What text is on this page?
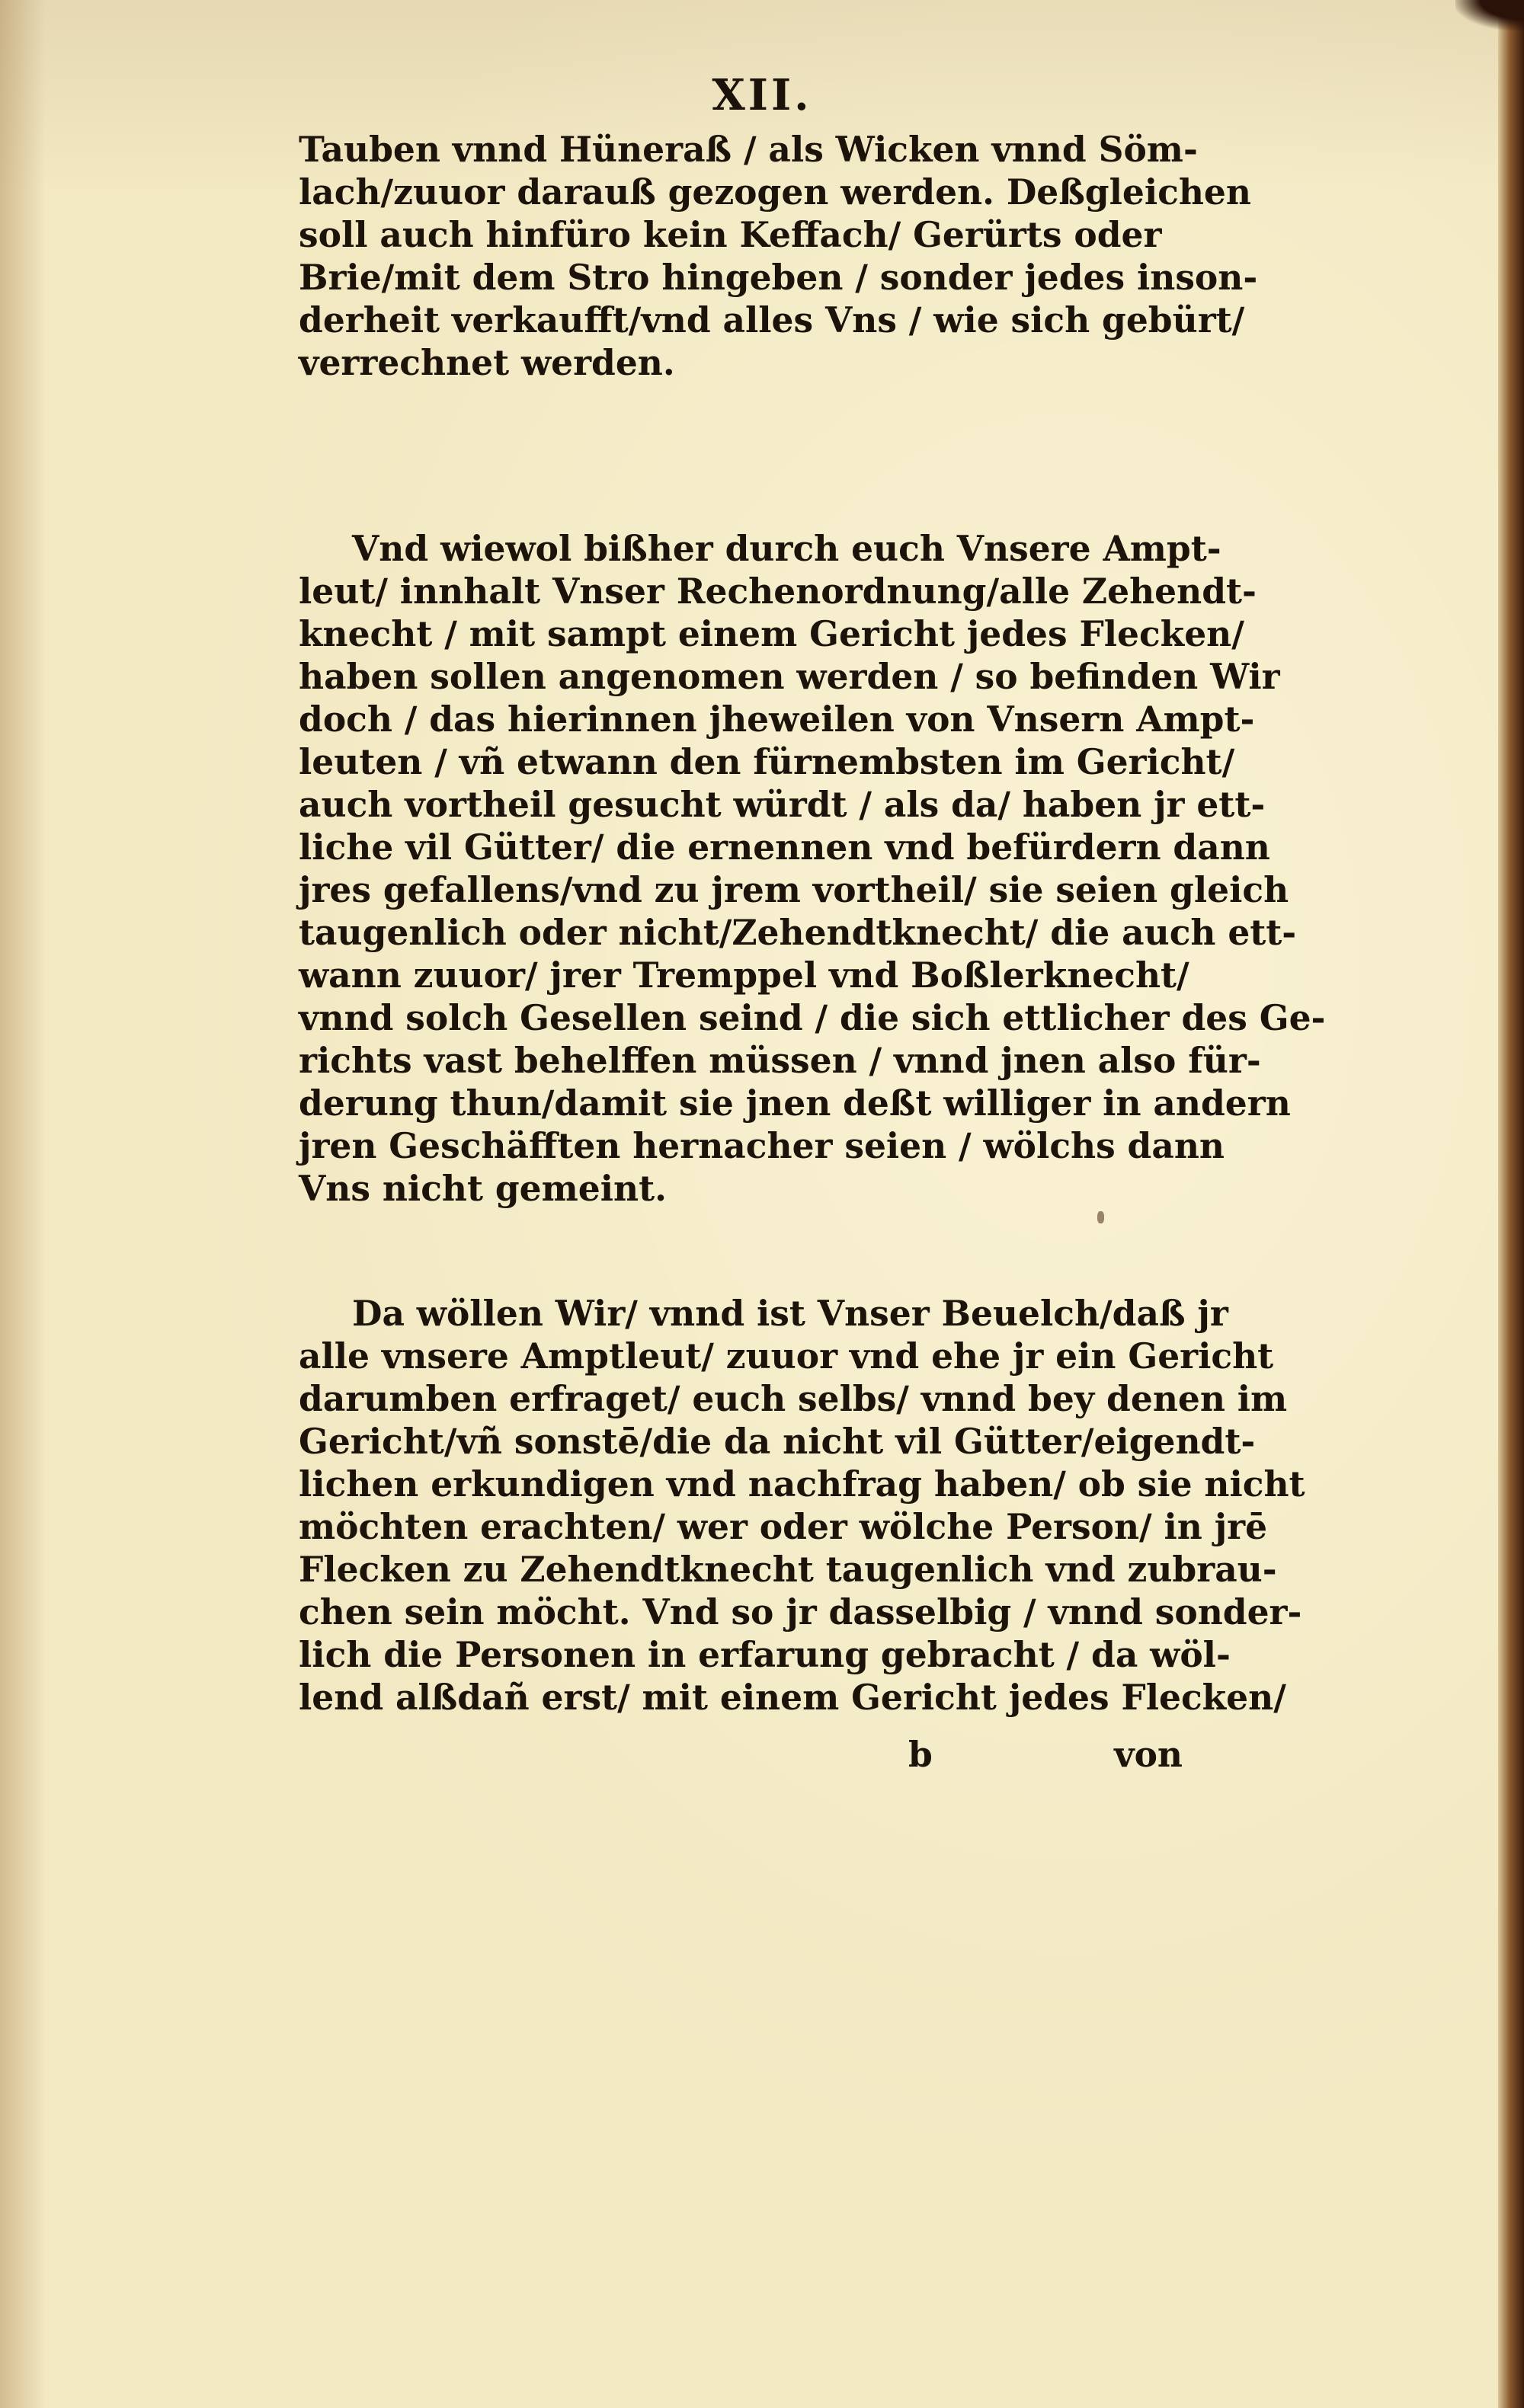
XII.
Tauben vnnd Hüneraß / als Wicken vnnd Söm-
lach/zuuor darauß gezogen werden. Deßgleichen
soll auch hinfüro kein Keffach/ Gerürts oder
Brie/mit dem Stro hingeben / sonder jedes inson-
derheit verkaufft/vnd alles Vns / wie sich gebürt/
verrechnet werden.
Vnd wiewol bißher durch euch Vnsere Ampt-
leut/ innhalt Vnser Rechenordnung/alle Zehendt-
knecht / mit sampt einem Gericht jedes Flecken/
haben sollen angenomen werden / so befinden Wir
doch / das hierinnen jheweilen von Vnsern Ampt-
leuten / vñ etwann den fürnembsten im Gericht/
auch vortheil gesucht würdt / als da/ haben jr ett-
liche vil Gütter/ die ernennen vnd befürdern dann
jres gefallens/vnd zu jrem vortheil/ sie seien gleich
taugenlich oder nicht/Zehendtknecht/ die auch ett-
wann zuuor/ jrer Tremppel vnd Boßlerknecht/
vnnd solch Gesellen seind / die sich ettlicher des Ge-
richts vast behelffen müssen / vnnd jnen also für-
derung thun/damit sie jnen deßt williger in andern
jren Geschäfften hernacher seien / wölchs dann
Vns nicht gemeint.
Da wöllen Wir/ vnnd ist Vnser Beuelch/daß jr
alle vnsere Amptleut/ zuuor vnd ehe jr ein Gericht
darumben erfraget/ euch selbs/ vnnd bey denen im
Gericht/vñ sonstē/die da nicht vil Gütter/eigendt-
lichen erkundigen vnd nachfrag haben/ ob sie nicht
möchten erachten/ wer oder wölche Person/ in jrē
Flecken zu Zehendtknecht taugenlich vnd zubrau-
chen sein möcht. Vnd so jr dasselbig / vnnd sonder-
lich die Personen in erfarung gebracht / da wöl-
lend alßdañ erst/ mit einem Gericht jedes Flecken/
b	von
